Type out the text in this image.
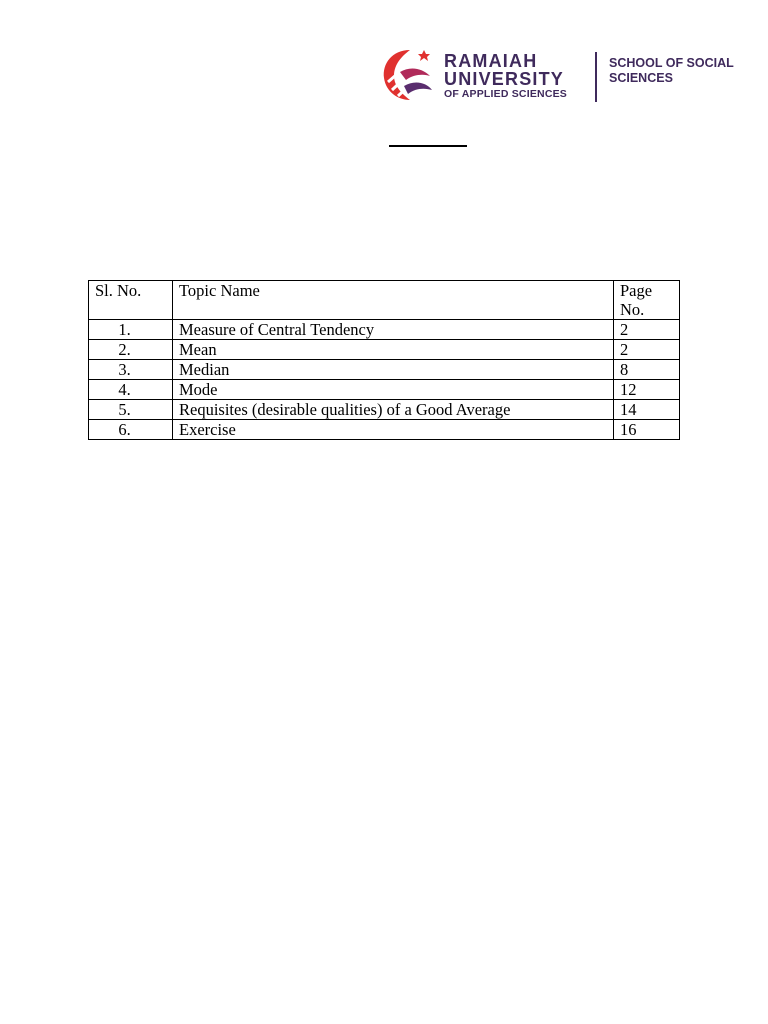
RAMAIAH
UNIVERSITY
OF APPLIED SCIENCES
SCHOOL OF SOCIAL
SCIENCES
Sl. No.	Topic Name	Page
No.
1.	Measure of Central Tendency	2
2.	Mean	2
3.	Median	8
4.	Mode	12
5.	Requisites (desirable qualities) of a Good Average	14
6.	Exercise	16
